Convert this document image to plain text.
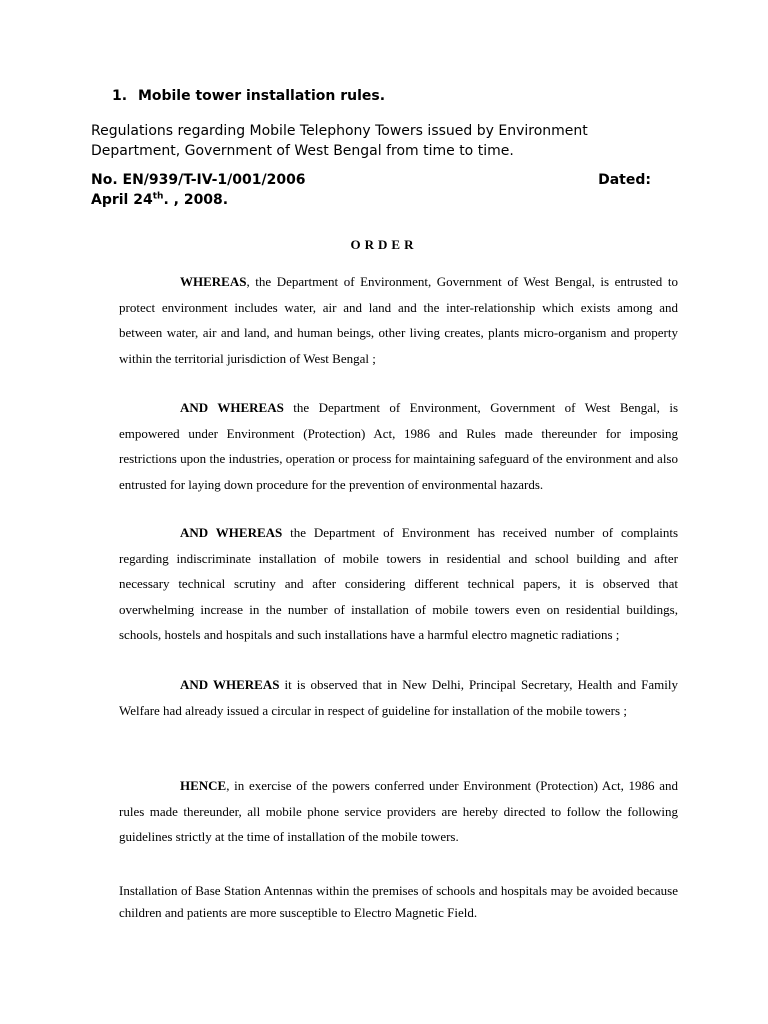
1. Mobile tower installation rules.
Regulations regarding Mobile Telephony Towers issued by Environment Department, Government of West Bengal from time to time.
No. EN/939/T-IV-1/001/2006	Dated:
April 24th. , 2008.
ORDER

WHEREAS, the Department of Environment, Government of West Bengal, is entrusted to protect environment includes water, air and land and the inter-relationship which exists among and between water, air and land, and human beings, other living creates, plants micro-organism and property within the territorial jurisdiction of West Bengal ;

AND WHEREAS the Department of Environment, Government of West Bengal, is empowered under Environment (Protection) Act, 1986 and Rules made thereunder for imposing restrictions upon the industries, operation or process for maintaining safeguard of the environment and also entrusted for laying down procedure for the prevention of environmental hazards.

AND WHEREAS the Department of Environment has received number of complaints regarding indiscriminate installation of mobile towers in residential and school building and after necessary technical scrutiny and after considering different technical papers, it is observed that overwhelming increase in the number of installation of mobile towers even on residential buildings, schools, hostels and hospitals and such installations have a harmful electro magnetic radiations ;

AND WHEREAS it is observed that in New Delhi, Principal Secretary, Health and Family Welfare had already issued a circular in respect of guideline for installation of the mobile towers ;

HENCE, in exercise of the powers conferred under Environment (Protection) Act, 1986 and rules made thereunder, all mobile phone service providers are hereby directed to follow the following guidelines strictly at the time of installation of the mobile towers.

Installation of Base Station Antennas within the premises of schools and hospitals may be avoided because children and patients are more susceptible to Electro Magnetic Field.
